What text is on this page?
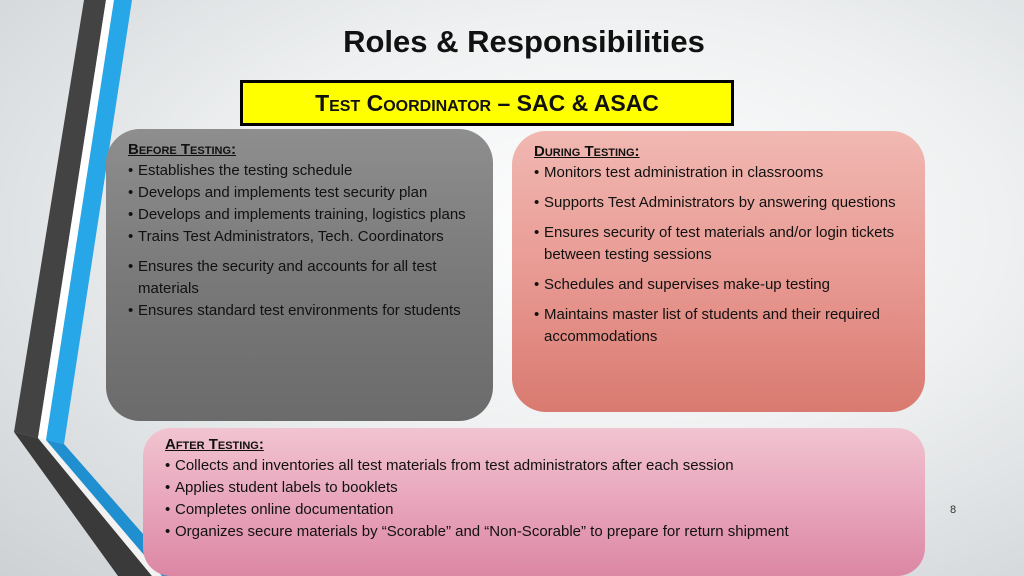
Roles & Responsibilities
Test Coordinator – SAC & ASAC
Before Testing:
• Establishes the testing schedule
• Develops and implements test security plan
• Develops and implements training, logistics plans
• Trains Test Administrators, Tech. Coordinators
• Ensures the security and accounts for all test materials
• Ensures standard test environments for students
During Testing:
• Monitors test administration in classrooms
• Supports Test Administrators by answering questions
• Ensures security of test materials and/or login tickets between testing sessions
• Schedules and supervises make-up testing
• Maintains master list of students and their required accommodations
After Testing:
• Collects and inventories all test materials from test administrators after each session
• Applies student labels to booklets
• Completes online documentation
• Organizes secure materials by “Scorable” and “Non-Scorable” to prepare for return shipment
8
